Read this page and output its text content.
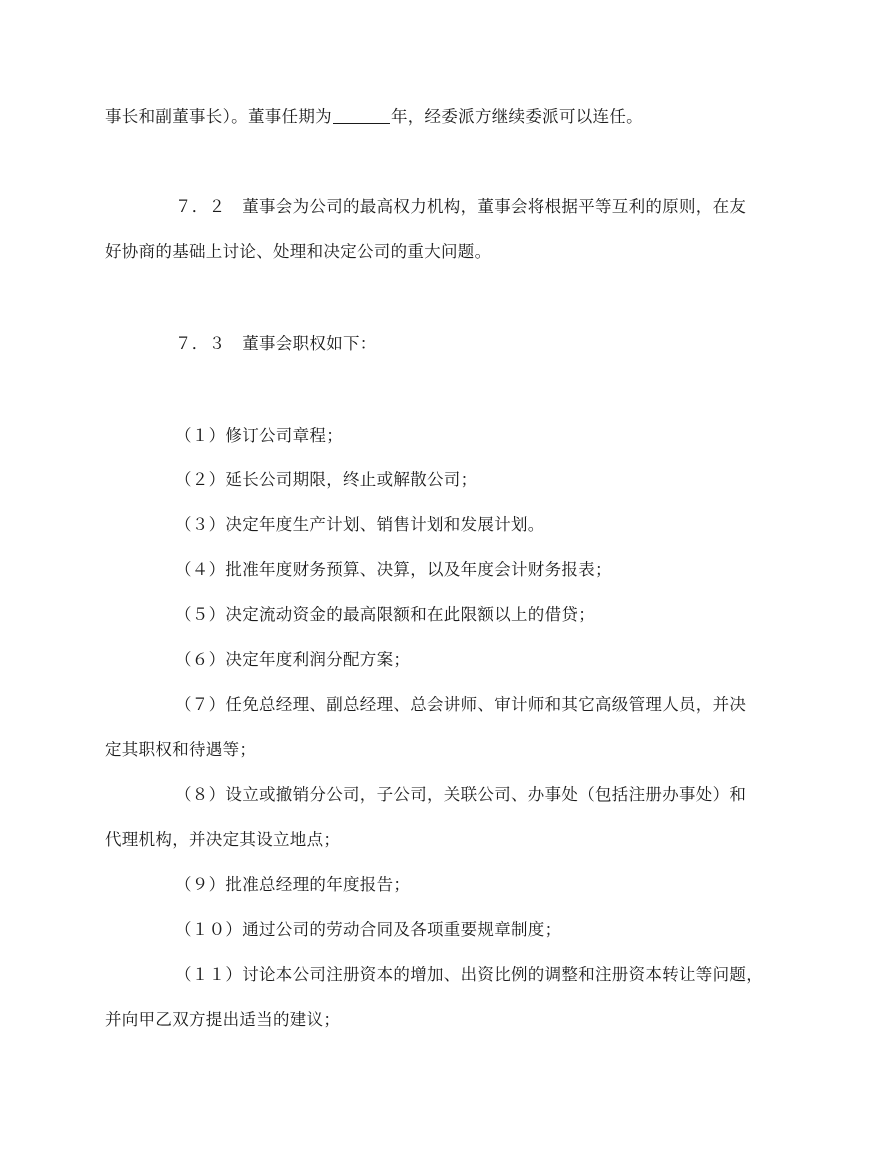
事长和副董事长）。董事任期为	年，经委派方继续委派可以连任。
７．２　董事会为公司的最高权力机构，董事会将根据平等互利的原则，在友
好协商的基础上讨论、处理和决定公司的重大问题。
７．３　董事会职权如下：
（１）修订公司章程；
（２）延长公司期限，终止或解散公司；
（３）决定年度生产计划、销售计划和发展计划。
（４）批准年度财务预算、决算，以及年度会计财务报表；
（５）决定流动资金的最高限额和在此限额以上的借贷；
（６）决定年度利润分配方案；
（７）任免总经理、副总经理、总会讲师、审计师和其它高级管理人员，并决
定其职权和待遇等；
（８）设立或撤销分公司，子公司，关联公司、办事处（包括注册办事处）和
代理机构，并决定其设立地点；
（９）批准总经理的年度报告；
（１０）通过公司的劳动合同及各项重要规章制度；
（１１）讨论本公司注册资本的增加、出资比例的调整和注册资本转让等问题，
并向甲乙双方提出适当的建议；
